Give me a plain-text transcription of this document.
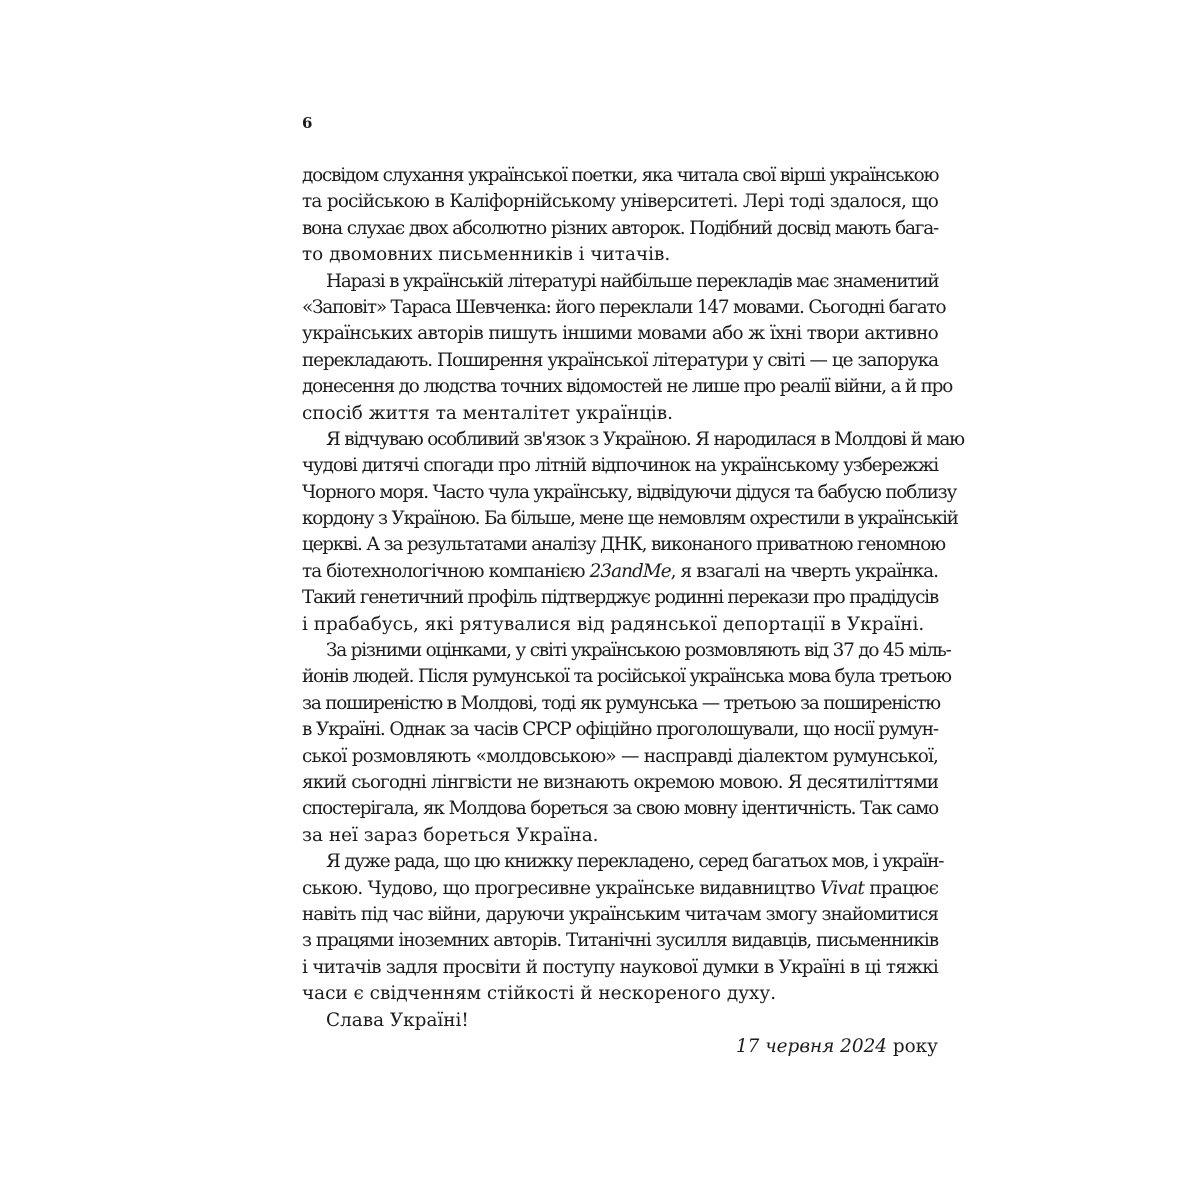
6
досвідом слухання української поетки, яка читала свої вірші українською
та російською в Каліфорнійському університеті. Лері тоді здалося, що
вона слухає двох абсолютно різних авторок. Подібний досвід мають бага-
то двомовних письменників і читачів.
Наразі в українській літературі найбільше перекладів має знаменитий
«Заповіт» Тараса Шевченка: його переклали 147 мовами. Сьогодні багато
українських авторів пишуть іншими мовами або ж їхні твори активно
перекладають. Поширення української літератури у світі — це запорука
донесення до людства точних відомостей не лише про реалії війни, а й про
спосіб життя та менталітет українців.
Я відчуваю особливий зв'язок з Україною. Я народилася в Молдові й маю
чудові дитячі спогади про літній відпочинок на українському узбережжі
Чорного моря. Часто чула українську, відвідуючи дідуся та бабусю поблизу
кордону з Україною. Ба більше, мене ще немовлям охрестили в українській
церкві. А за результатами аналізу ДНК, виконаного приватною геномною
та біотехнологічною компанією 23andMe, я взагалі на чверть українка.
Такий генетичний профіль підтверджує родинні перекази про прадідусів
і прабабусь, які рятувалися від радянської депортації в Україні.
За різними оцінками, у світі українською розмовляють від 37 до 45 міль-
йонів людей. Після румунської та російської українська мова була третьою
за поширеністю в Молдові, тоді як румунська — третьою за поширеністю
в Україні. Однак за часів СРСР офіційно проголошували, що носії румун-
ської розмовляють «молдовською» — насправді діалектом румунської,
який сьогодні лінгвісти не визнають окремою мовою. Я десятиліттями
спостерігала, як Молдова бореться за свою мовну ідентичність. Так само
за неї зараз бореться Україна.
Я дуже рада, що цю книжку перекладено, серед багатьох мов, і україн-
ською. Чудово, що прогресивне українське видавництво Vivat працює
навіть під час війни, даруючи українським читачам змогу знайомитися
з працями іноземних авторів. Титанічні зусилля видавців, письменників
і читачів задля просвіти й поступу наукової думки в Україні в ці тяжкі
часи є свідченням стійкості й нескореного духу.
Слава Україні!
17 червня 2024 року
